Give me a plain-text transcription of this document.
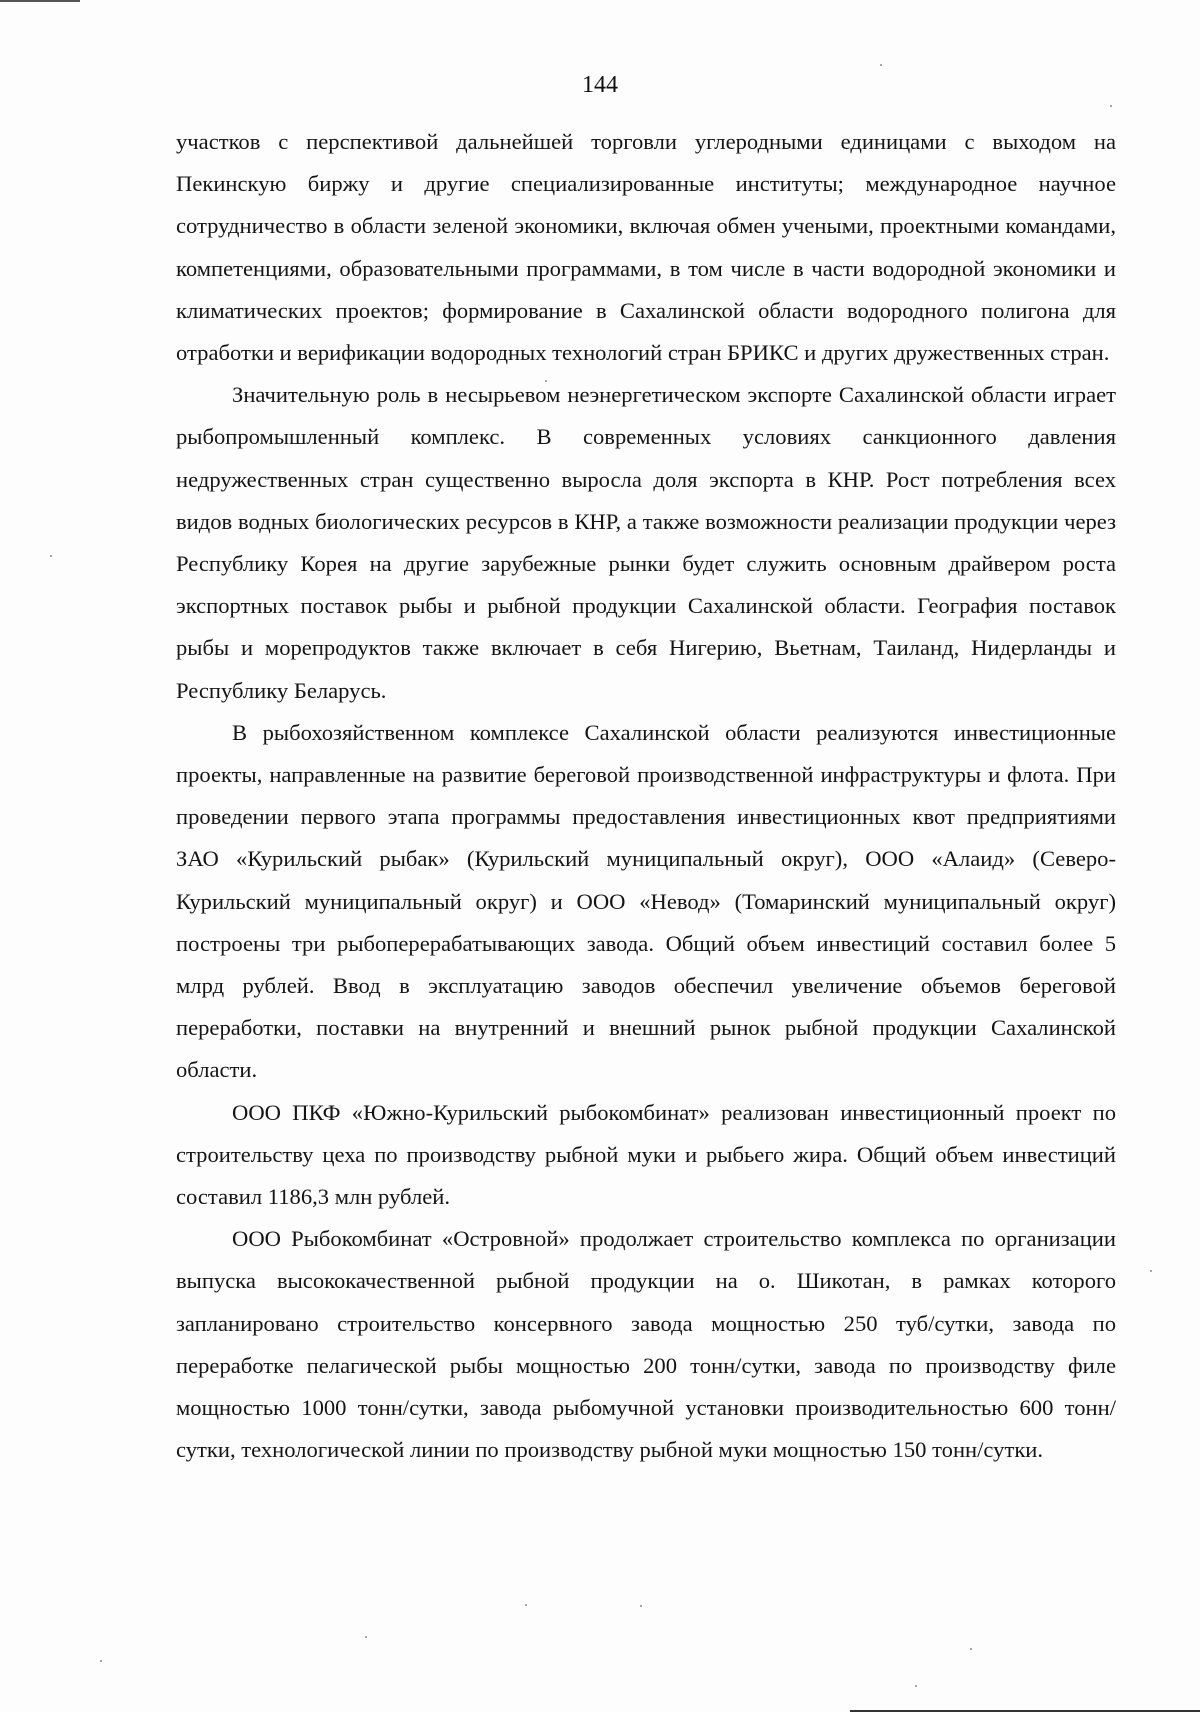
144

участков с перспективой дальнейшей торговли углеродными единицами с выходом на Пекинскую биржу и другие специализированные институты; международное научное сотрудничество в области зеленой экономики, включая обмен учеными, проектными командами, компетенциями, образовательными программами, в том числе в части водородной экономики и климатических проектов; формирование в Сахалинской области водородного полигона для отработки и верификации водородных технологий стран БРИКС и других дружественных стран.

Значительную роль в несырьевом неэнергетическом экспорте Сахалинской области играет рыбопромышленный комплекс. В современных условиях санкционного давления недружественных стран существенно выросла доля экспорта в КНР. Рост потребления всех видов водных биологических ресурсов в КНР, а также возможности реализации продукции через Республику Корея на другие зарубежные рынки будет служить основным драйвером роста экспортных поставок рыбы и рыбной продукции Сахалинской области. География поставок рыбы и морепродуктов также включает в себя Нигерию, Вьетнам, Таиланд, Нидерланды и Республику Беларусь.

В рыбохозяйственном комплексе Сахалинской области реализуются инвестиционные проекты, направленные на развитие береговой производственной инфраструктуры и флота. При проведении первого этапа программы предоставления инвестиционных квот предприятиями ЗАО «Курильский рыбак» (Курильский муниципальный округ), ООО «Алаид» (Северо-Курильский муниципальный округ) и ООО «Невод» (Томаринский муниципальный округ) построены три рыбоперерабатывающих завода. Общий объем инвестиций составил более 5 млрд рублей. Ввод в эксплуатацию заводов обеспечил увеличение объемов береговой переработки, поставки на внутренний и внешний рынок рыбной продукции Сахалинской области.

ООО ПКФ «Южно-Курильский рыбокомбинат» реализован инвестиционный проект по строительству цеха по производству рыбной муки и рыбьего жира. Общий объем инвестиций составил 1186,3 млн рублей.

ООО Рыбокомбинат «Островной» продолжает строительство комплекса по организации выпуска высококачественной рыбной продукции на о. Шикотан, в рамках которого запланировано строительство консервного завода мощностью 250 туб/сутки, завода по переработке пелагической рыбы мощностью 200 тонн/сутки, завода по производству филе мощностью 1000 тонн/сутки, завода рыбомучной установки производительностью 600 тонн/сутки, технологической линии по производству рыбной муки мощностью 150 тонн/сутки.
